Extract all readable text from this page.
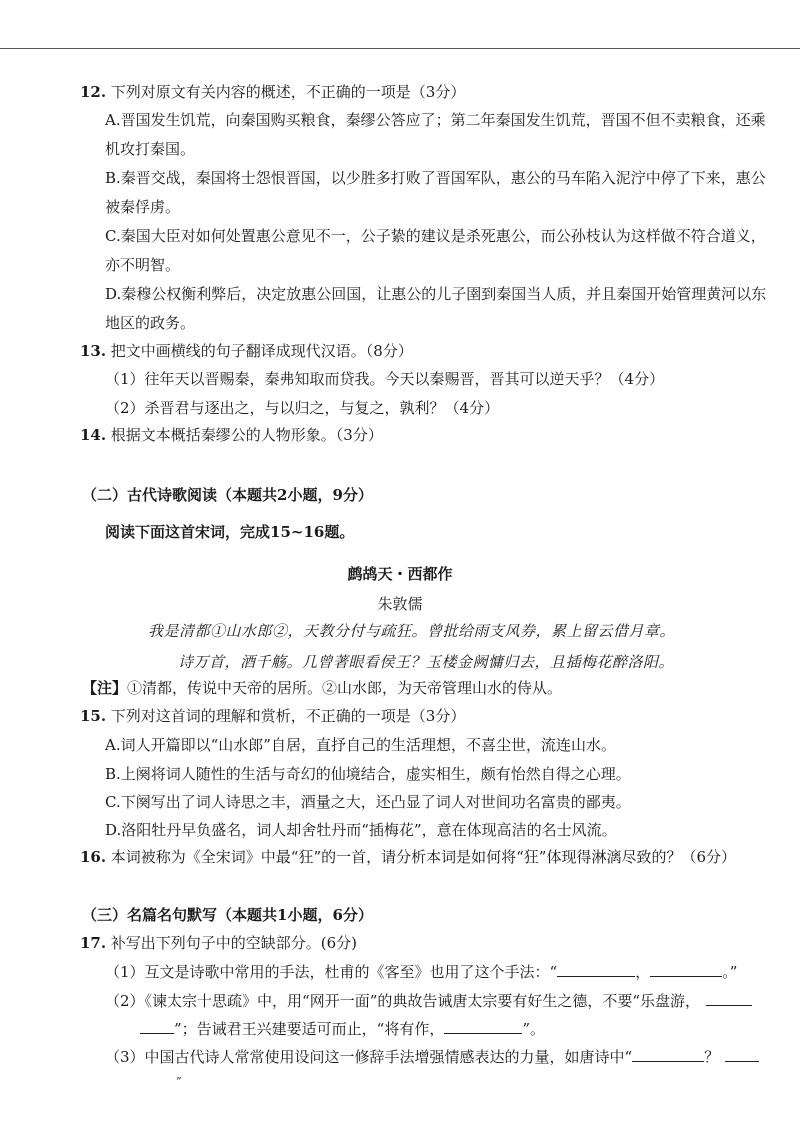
12. 下列对原文有关内容的概述，不正确的一项是（3分）
A.晋国发生饥荒，向秦国购买粮食，秦缪公答应了；第二年秦国发生饥荒，晋国不但不卖粮食，还乘
机攻打秦国。
B.秦晋交战，秦国将士怨恨晋国，以少胜多打败了晋国军队，惠公的马车陷入泥泞中停了下来，惠公
被秦俘虏。
C.秦国大臣对如何处置惠公意见不一，公子絷的建议是杀死惠公，而公孙枝认为这样做不符合道义，
亦不明智。
D.秦穆公权衡利弊后，决定放惠公回国，让惠公的儿子圉到秦国当人质，并且秦国开始管理黄河以东
地区的政务。
13. 把文中画横线的句子翻译成现代汉语。（8分）
（1）往年天以晋赐秦，秦弗知取而贷我。今天以秦赐晋，晋其可以逆天乎？（4分）
（2）杀晋君与逐出之，与以归之，与复之，孰利？（4分）
14. 根据文本概括秦缪公的人物形象。（3分）
（二）古代诗歌阅读（本题共2小题，9分）
阅读下面这首宋词，完成15~16题。
鹧鸪天・西都作
朱敦儒
我是清都①山水郎②，天教分付与疏狂。曾批给雨支风券，累上留云借月章。
诗万首，酒千觞。几曾著眼看侯王？玉楼金阙慵归去，且插梅花醉洛阳。
【注】①清都，传说中天帝的居所。②山水郎，为天帝管理山水的侍从。
15. 下列对这首词的理解和赏析，不正确的一项是（3分）
A.词人开篇即以“山水郎”自居，直抒自己的生活理想，不喜尘世，流连山水。
B.上阕将词人随性的生活与奇幻的仙境结合，虚实相生，颇有怡然自得之心理。
C.下阕写出了词人诗思之丰，酒量之大，还凸显了词人对世间功名富贵的鄙夷。
D.洛阳牡丹早负盛名，词人却舍牡丹而“插梅花”，意在体现高洁的名士风流。
16. 本词被称为《全宋词》中最“狂”的一首，请分析本词是如何将“狂”体现得淋漓尽致的？（6分）
（三）名篇名句默写（本题共1小题，6分）
17. 补写出下列句子中的空缺部分。(6分)
（1）互文是诗歌中常用的手法，杜甫的《客至》也用了这个手法：“	，	。”
（2）《谏太宗十思疏》中，用“网开一面”的典故告诫唐太宗要有好生之德，不要“乐盘游，
”；告诫君王兴建要适可而止，“将有作，	”。
（3）中国古代诗人常常使用设问这一修辞手法增强情感表达的力量，如唐诗中“	？
”
